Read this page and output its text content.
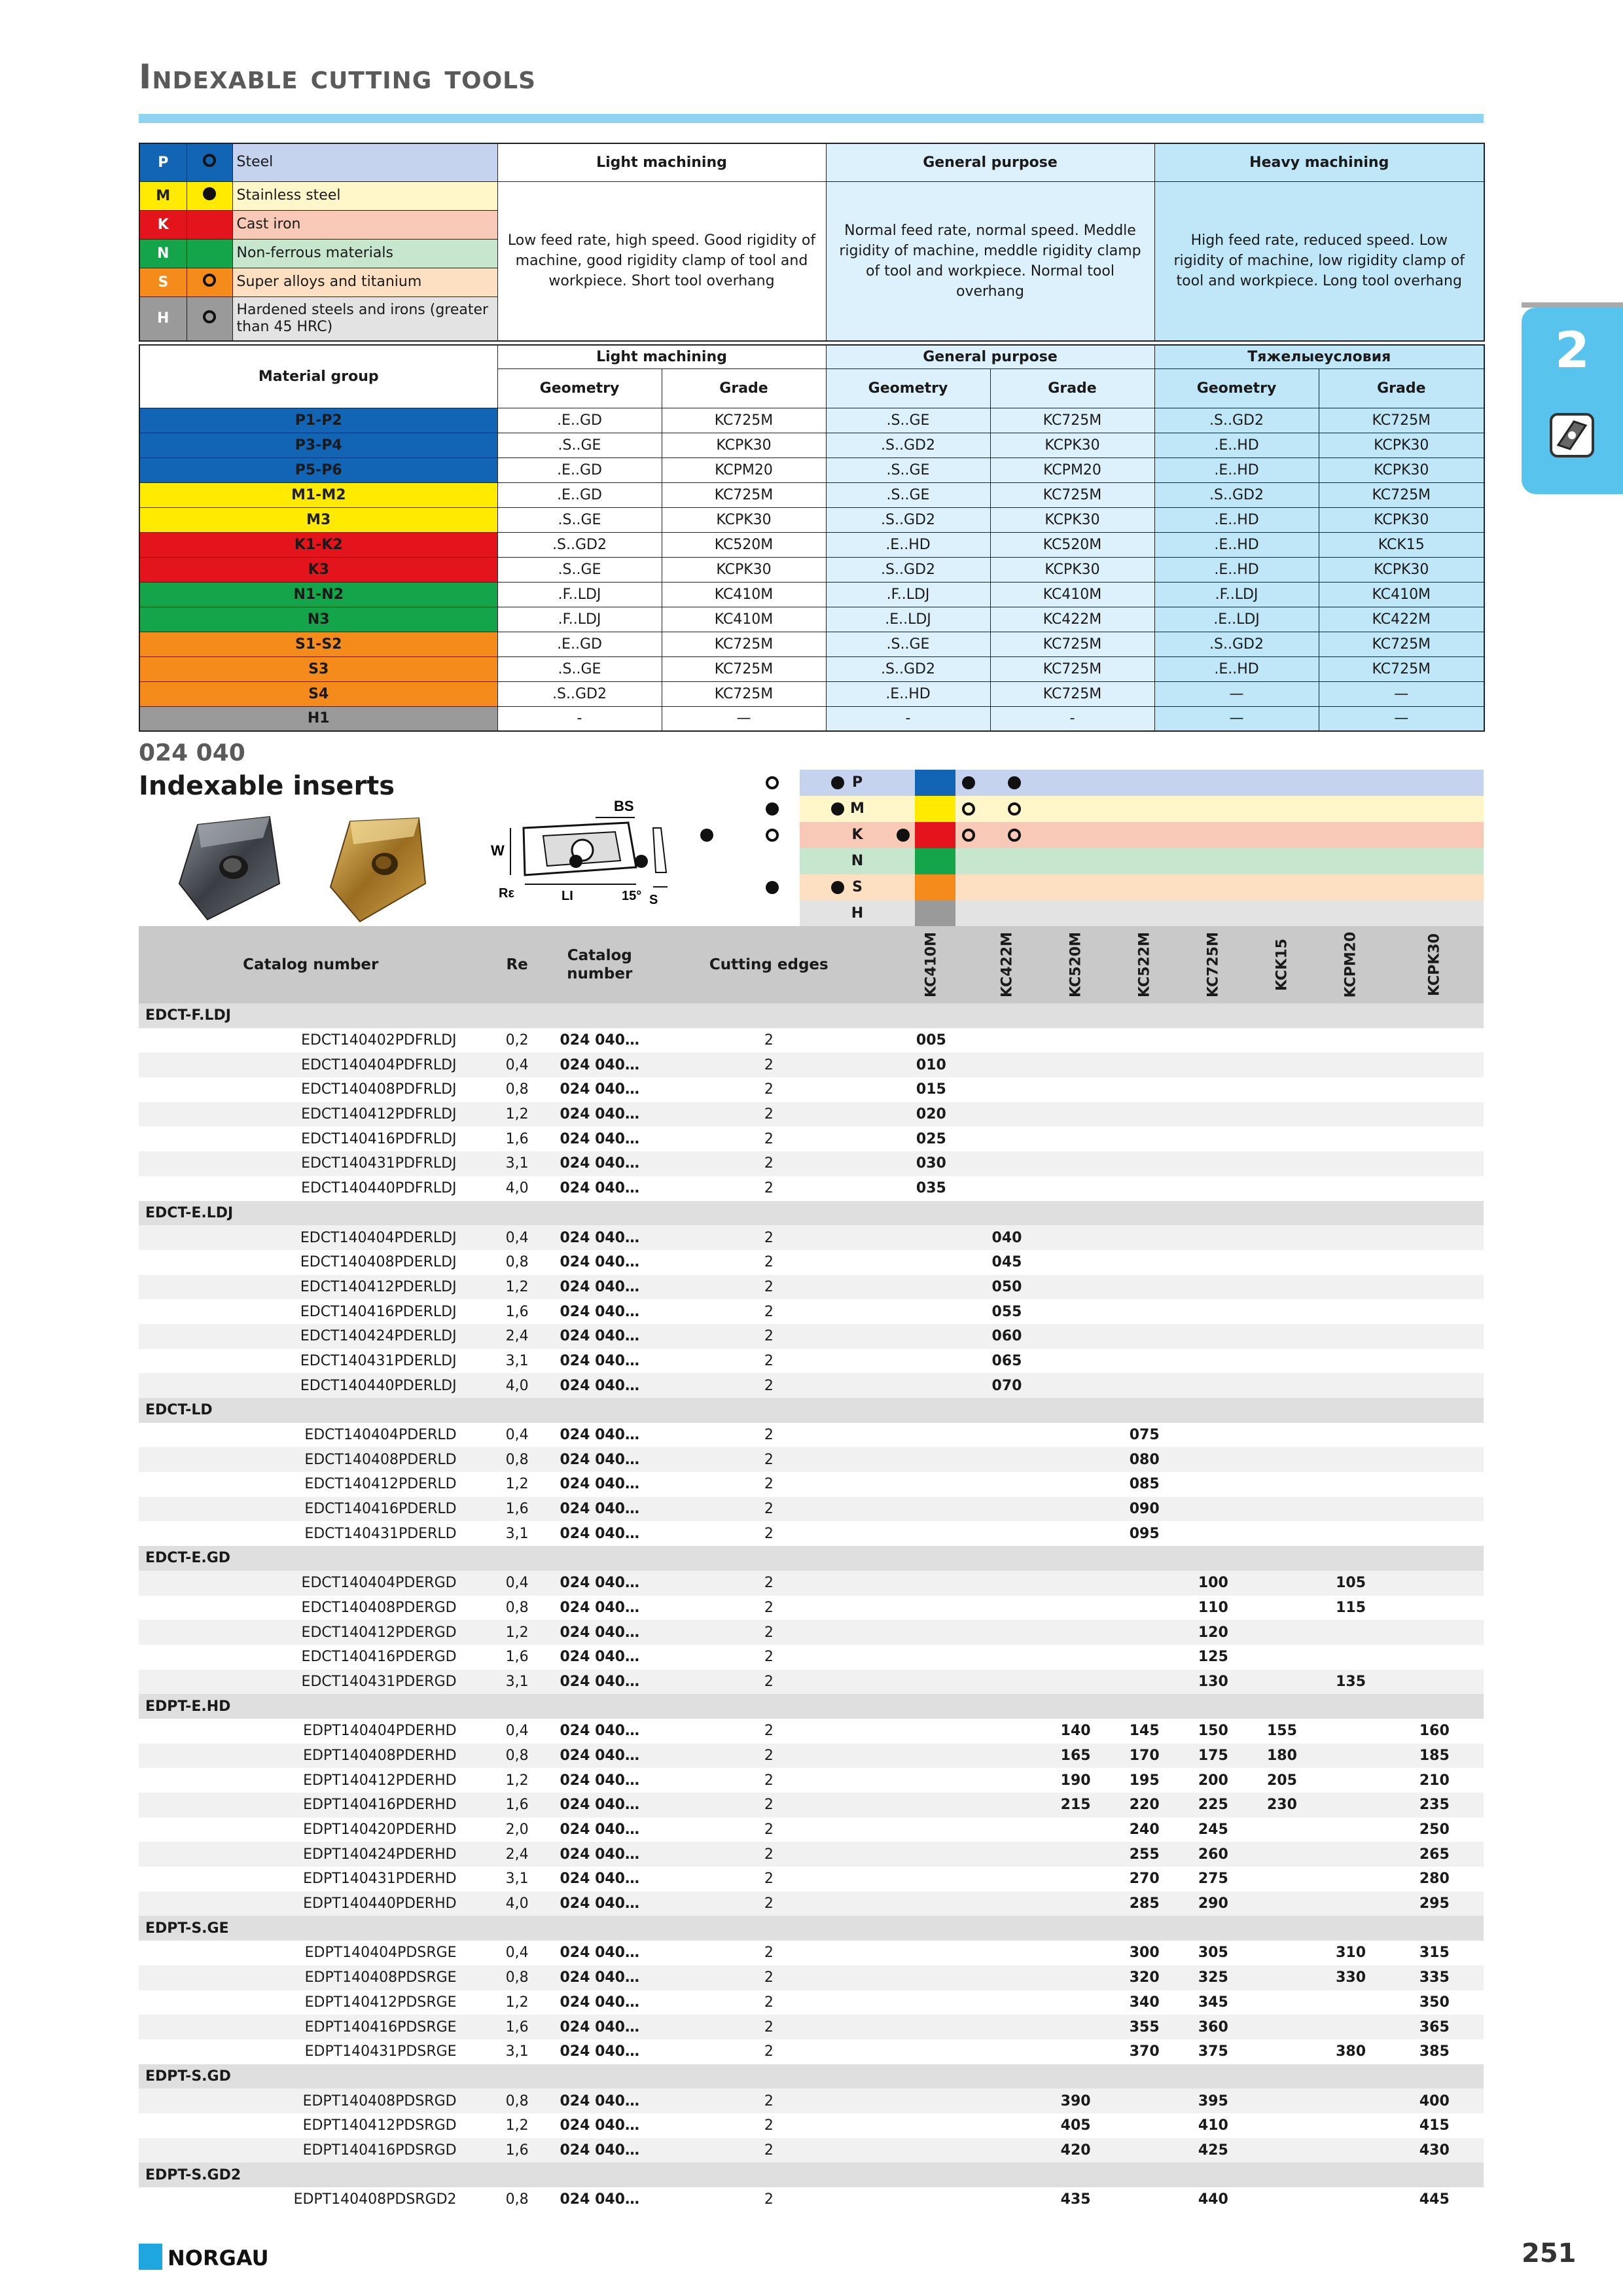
Indexable cutting tools
2
P		Steel	Light machining	General purpose	Heavy machining
M		Stainless steel	Low feed rate, high speed. Good rigidity of machine, good rigidity clamp of tool and workpiece. Short tool overhang	Normal feed rate, normal speed. Meddle rigidity of machine, meddle rigidity clamp of tool and workpiece. Normal tool overhang	High feed rate, reduced speed. Low rigidity of machine, low rigidity clamp of tool and workpiece. Long tool overhang
K		Cast iron			
N		Non-ferrous materials			
S		Super alloys and titanium			
H		Hardened steels and irons (greater than 45 HRC)			
Material group	Light machining		General purpose		Тяжелыеусловия	
	Geometry	Grade	Geometry	Grade	Geometry	Grade
P1-P2	.E..GD	KC725M	.S..GE	KC725M	.S..GD2	KC725M
P3-P4	.S..GE	KCPK30	.S..GD2	KCPK30	.E..HD	KCPK30
P5-P6	.E..GD	KCPM20	.S..GE	KCPM20	.E..HD	KCPK30
M1-M2	.E..GD	KC725M	.S..GE	KC725M	.S..GD2	KC725M
M3	.S..GE	KCPK30	.S..GD2	KCPK30	.E..HD	KCPK30
K1-K2	.S..GD2	KC520M	.E..HD	KC520M	.E..HD	KCK15
K3	.S..GE	KCPK30	.S..GD2	KCPK30	.E..HD	KCPK30
N1-N2	.F..LDJ	KC410M	.F..LDJ	KC410M	.F..LDJ	KC410M
N3	.F..LDJ	KC410M	.E..LDJ	KC422M	.E..LDJ	KC422M
S1-S2	.E..GD	KC725M	.S..GE	KC725M	.S..GD2	KC725M
S3	.S..GE	KC725M	.S..GD2	KC725M	.E..HD	KC725M
S4	.S..GD2	KC725M	.E..HD	KC725M	—	—
H1	-	—	-	-	—	—
024 040
Indexable inserts
BS
W
Rε	LI	15° S
P
M
K
N
S
H
Catalog number	Re	Catalog
number	Cutting edges	KC410M	KC422M	KC520M	KC522M	KC725M	KCK15	KCPM20	KCPK30

EDCT-F.LDJ											
EDCT140402PDFRLDJ	0,2	024 040…	2	005							
EDCT140404PDFRLDJ	0,4	024 040…	2	010							
EDCT140408PDFRLDJ	0,8	024 040…	2	015							
EDCT140412PDFRLDJ	1,2	024 040…	2	020							
EDCT140416PDFRLDJ	1,6	024 040…	2	025							
EDCT140431PDFRLDJ	3,1	024 040…	2	030							
EDCT140440PDFRLDJ	4,0	024 040…	2	035							
EDCT-E.LDJ											
EDCT140404PDERLDJ	0,4	024 040…	2		040						
EDCT140408PDERLDJ	0,8	024 040…	2		045						
EDCT140412PDERLDJ	1,2	024 040…	2		050						
EDCT140416PDERLDJ	1,6	024 040…	2		055						
EDCT140424PDERLDJ	2,4	024 040…	2		060						
EDCT140431PDERLDJ	3,1	024 040…	2		065						
EDCT140440PDERLDJ	4,0	024 040…	2		070						
EDCT-LD											
EDCT140404PDERLD	0,4	024 040…	2				075				
EDCT140408PDERLD	0,8	024 040…	2				080				
EDCT140412PDERLD	1,2	024 040…	2				085				
EDCT140416PDERLD	1,6	024 040…	2				090				
EDCT140431PDERLD	3,1	024 040…	2				095				
EDCT-E.GD											
EDCT140404PDERGD	0,4	024 040…	2					100		105	
EDCT140408PDERGD	0,8	024 040…	2					110		115	
EDCT140412PDERGD	1,2	024 040…	2					120			
EDCT140416PDERGD	1,6	024 040…	2					125			
EDCT140431PDERGD	3,1	024 040…	2					130		135	
EDPT-E.HD											
EDPT140404PDERHD	0,4	024 040…	2			140	145	150	155		160
EDPT140408PDERHD	0,8	024 040…	2			165	170	175	180		185
EDPT140412PDERHD	1,2	024 040…	2			190	195	200	205		210
EDPT140416PDERHD	1,6	024 040…	2			215	220	225	230		235
EDPT140420PDERHD	2,0	024 040…	2				240	245			250
EDPT140424PDERHD	2,4	024 040…	2				255	260			265
EDPT140431PDERHD	3,1	024 040…	2				270	275			280
EDPT140440PDERHD	4,0	024 040…	2				285	290			295
EDPT-S.GE											
EDPT140404PDSRGE	0,4	024 040…	2				300	305		310	315
EDPT140408PDSRGE	0,8	024 040…	2				320	325		330	335
EDPT140412PDSRGE	1,2	024 040…	2				340	345			350
EDPT140416PDSRGE	1,6	024 040…	2				355	360			365
EDPT140431PDSRGE	3,1	024 040…	2				370	375		380	385
EDPT-S.GD											
EDPT140408PDSRGD	0,8	024 040…	2			390		395			400
EDPT140412PDSRGD	1,2	024 040…	2			405		410			415
EDPT140416PDSRGD	1,6	024 040…	2			420		425			430
EDPT-S.GD2											
EDPT140408PDSRGD2	0,8	024 040…	2			435		440			445
NORGAU	251
